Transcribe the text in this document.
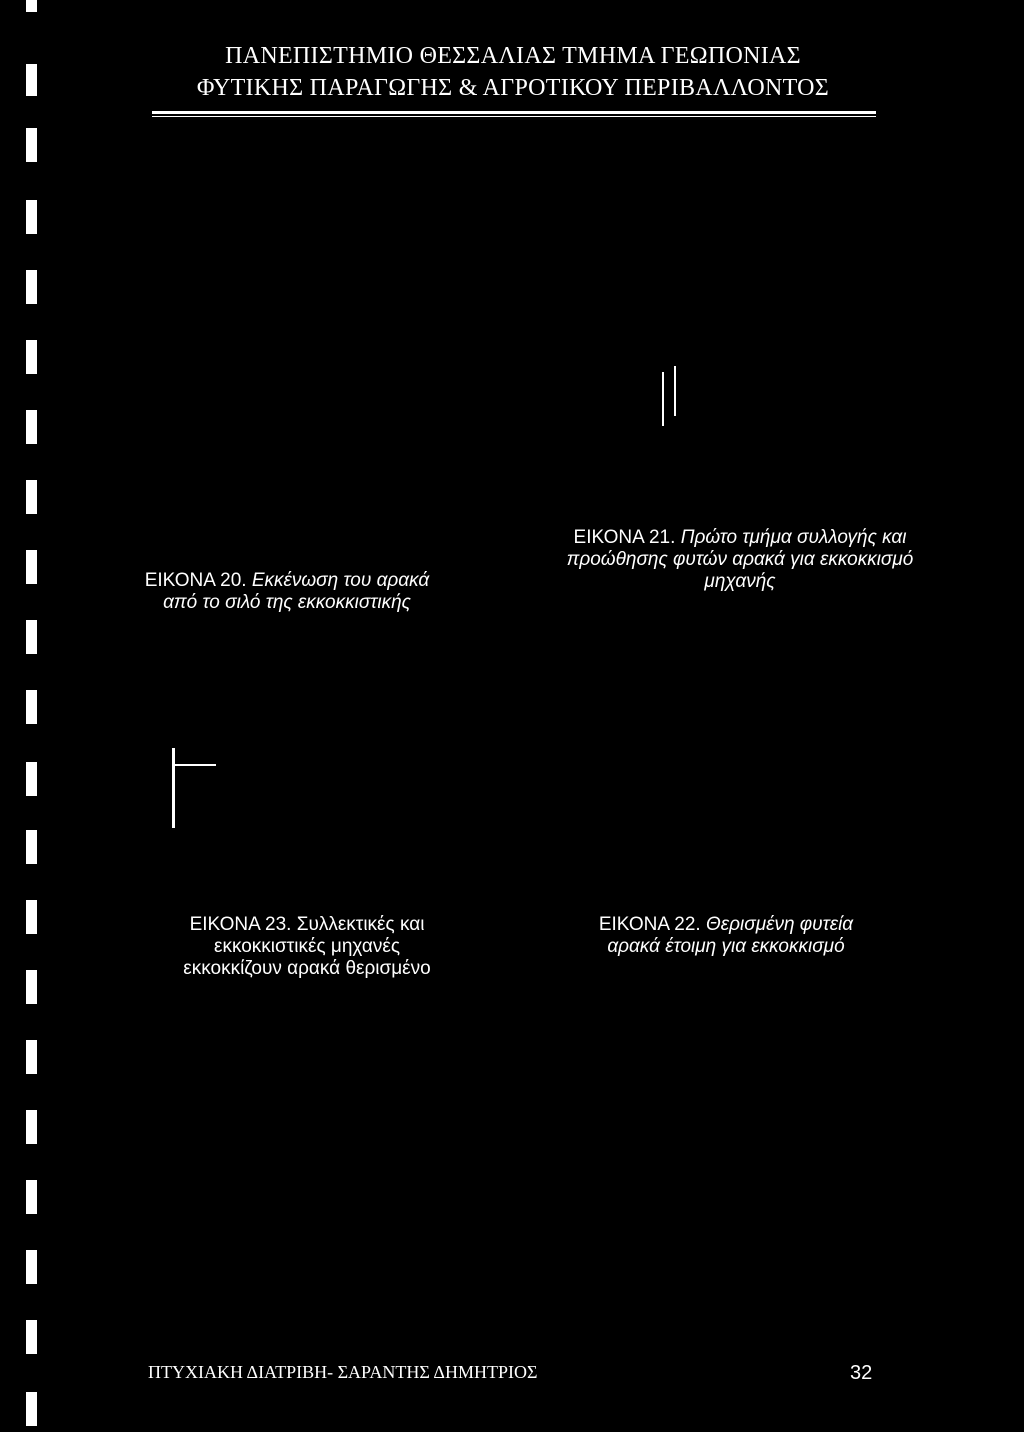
ΠΑΝΕΠΙΣΤΗΜΙΟ ΘΕΣΣΑΛΙΑΣ ΤΜΗΜΑ ΓΕΩΠΟΝΙΑΣ
ΦΥΤΙΚΗΣ ΠΑΡΑΓΩΓΗΣ & ΑΓΡΟΤΙΚΟΥ ΠΕΡΙΒΑΛΛΟΝΤΟΣ
ΕΙΚΟΝΑ 20. Εκκένωση του αρακά
από το σιλό της εκκοκκιστικής
ΕΙΚΟΝΑ 21. Πρώτο τμήμα συλλογής και
προώθησης φυτών αρακά για εκκοκκισμό
μηχανής
ΕΙΚΟΝΑ 23. Συλλεκτικές και
εκκοκκιστικές μηχανές
εκκοκκίζουν αρακά θερισμένο
ΕΙΚΟΝΑ 22. Θερισμένη φυτεία
αρακά έτοιμη για εκκοκκισμό
ΠΤΥΧΙΑΚΗ ΔΙΑΤΡΙΒΗ- ΣΑΡΑΝΤΗΣ ΔΗΜΗΤΡΙΟΣ	32
